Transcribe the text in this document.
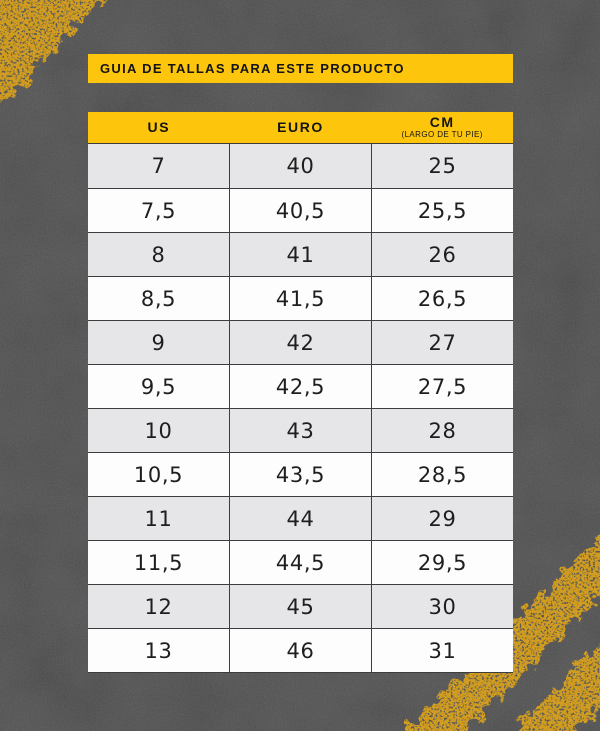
GUIA DE TALLAS PARA ESTE PRODUCTO
US	EURO	CM
(LARGO DE TU PIE)
7	40	25
7,5	40,5	25,5
8	41	26
8,5	41,5	26,5
9	42	27
9,5	42,5	27,5
10	43	28
10,5	43,5	28,5
11	44	29
11,5	44,5	29,5
12	45	30
13	46	31
